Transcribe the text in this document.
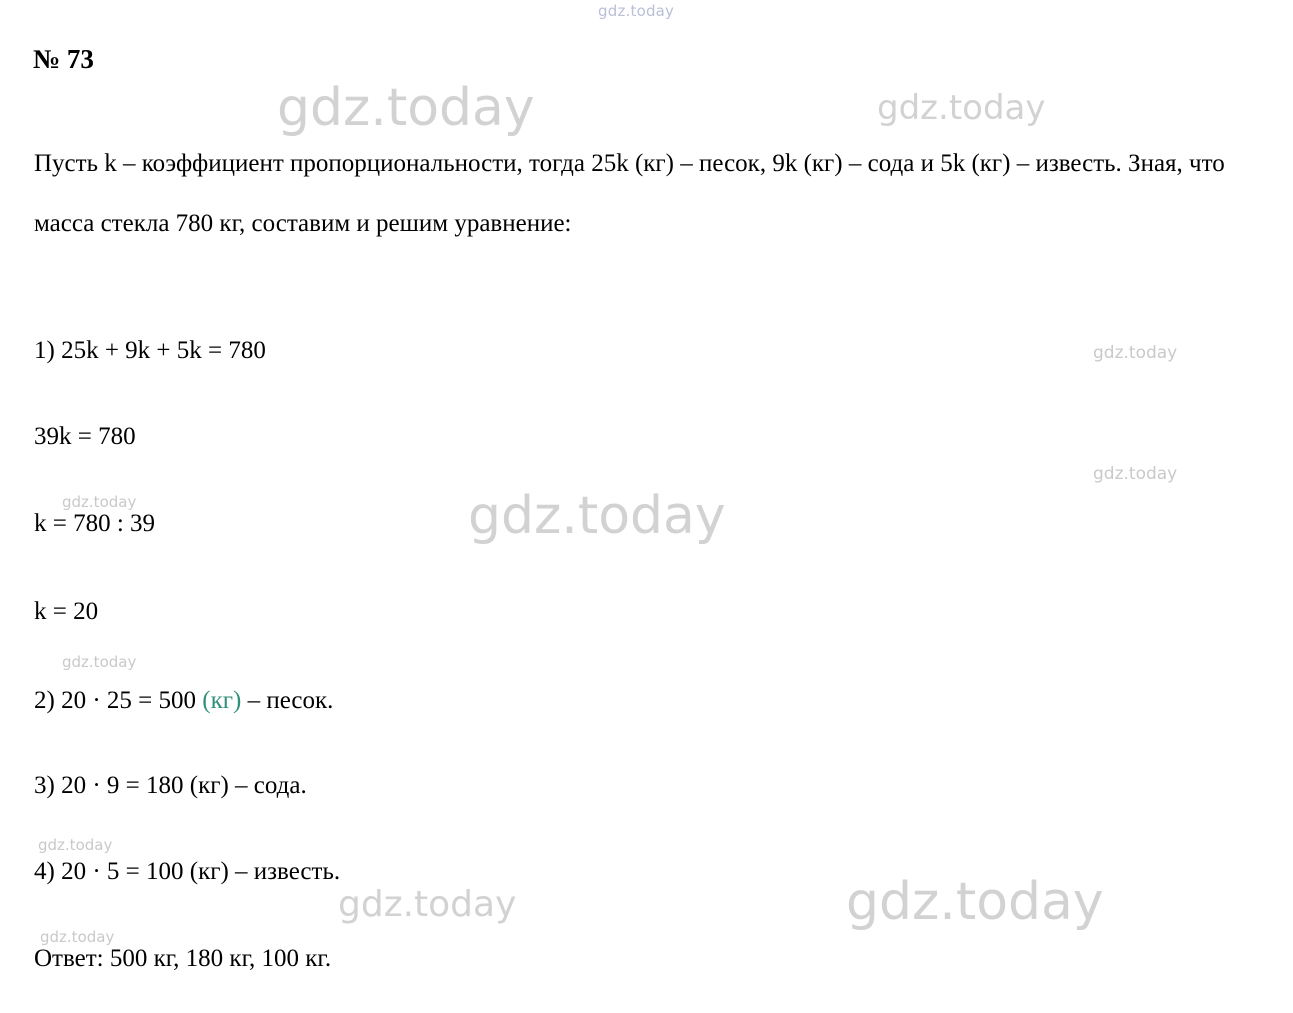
gdz.today
gdz.today	gdz.today
gdz.today
gdz.today
gdz.today
gdz.today
gdz.today
gdz.today
gdz.today
gdz.today	gdz.today
№ 73
Пусть k – коэффициент пропорциональности, тогда 25k (кг) – песок, 9k (кг) – сода и 5k (кг) – известь. Зная, что масса стекла 780 кг, составим и решим уравнение:
1) 25k + 9k + 5k = 780
39k = 780
k = 780 : 39
k = 20
2) 20 · 25 = 500 (кг) – песок.
3) 20 · 9 = 180 (кг) – сода.
4) 20 · 5 = 100 (кг) – известь.
Ответ: 500 кг, 180 кг, 100 кг.
